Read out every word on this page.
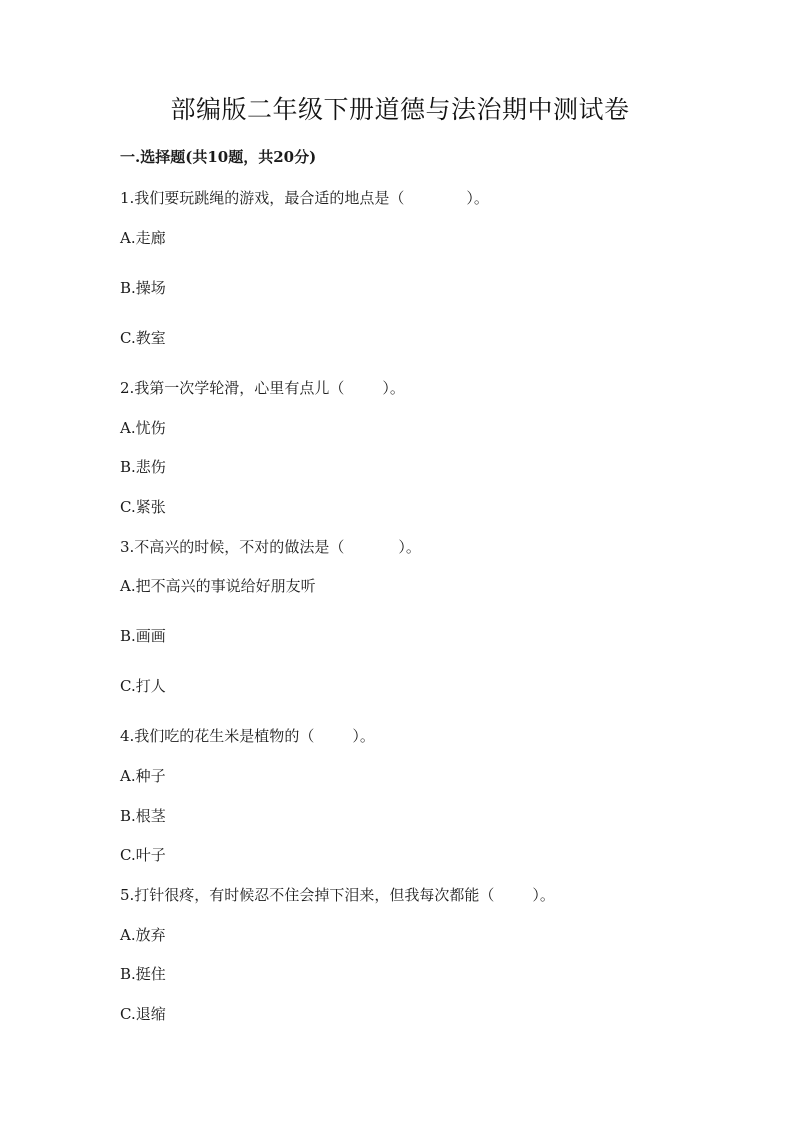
部编版二年级下册道德与法治期中测试卷
一.选择题(共10题，共20分)
1.我们要玩跳绳的游戏，最合适的地点是（	）。
A.走廊
B.操场
C.教室
2.我第一次学轮滑，心里有点儿（	）。
A.忧伤
B.悲伤
C.紧张
3.不高兴的时候，不对的做法是（	）。
A.把不高兴的事说给好朋友听
B.画画
C.打人
4.我们吃的花生米是植物的（	）。
A.种子
B.根茎
C.叶子
5.打针很疼，有时候忍不住会掉下泪来，但我每次都能（	）。
A.放弃
B.挺住
C.退缩
